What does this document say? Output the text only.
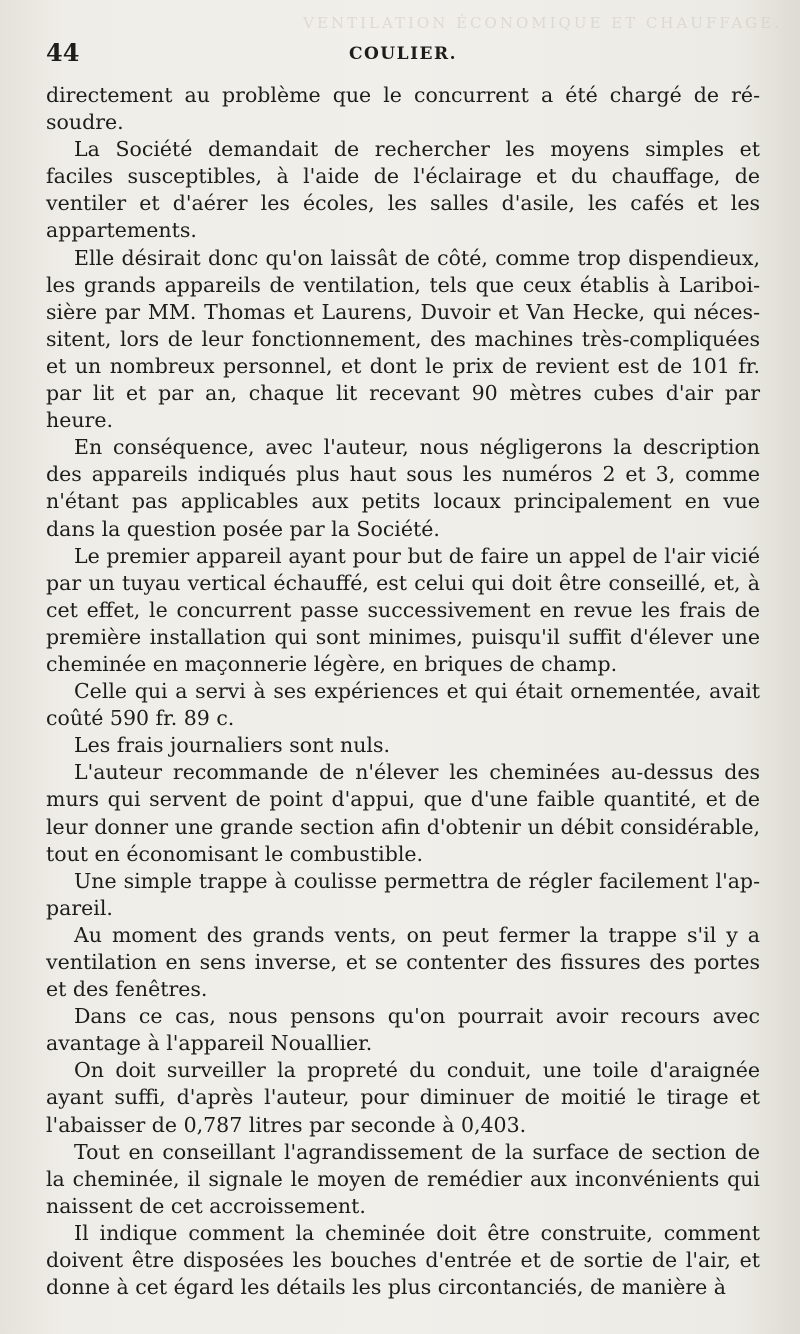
VENTILATION ÉCONOMIQUE ET CHAUFFAGE.
44	COULIER.

directement au problème que le concurrent a été chargé de résoudre.

La Société demandait de rechercher les moyens simples et faciles susceptibles, à l'aide de l'éclairage et du chauffage, de ventiler et d'aérer les écoles, les salles d'asile, les cafés et les appartements.

Elle désirait donc qu'on laissât de côté, comme trop dispendieux, les grands appareils de ventilation, tels que ceux établis à Lariboisière par MM. Thomas et Laurens, Duvoir et Van Hecke, qui nécessitent, lors de leur fonctionnement, des machines très-compliquées et un nombreux personnel, et dont le prix de revient est de 101 fr. par lit et par an, chaque lit recevant 90 mètres cubes d'air par heure.

En conséquence, avec l'auteur, nous négligerons la description des appareils indiqués plus haut sous les numéros 2 et 3, comme n'étant pas applicables aux petits locaux principalement en vue dans la question posée par la Société.

Le premier appareil ayant pour but de faire un appel de l'air vicié par un tuyau vertical échauffé, est celui qui doit être conseillé, et, à cet effet, le concurrent passe successivement en revue les frais de première installation qui sont minimes, puisqu'il suffit d'élever une cheminée en maçonnerie légère, en briques de champ.

Celle qui a servi à ses expériences et qui était ornementée, avait coûté 590 fr. 89 c.

Les frais journaliers sont nuls.

L'auteur recommande de n'élever les cheminées au-dessus des murs qui servent de point d'appui, que d'une faible quantité, et de leur donner une grande section afin d'obtenir un débit considérable, tout en économisant le combustible.

Une simple trappe à coulisse permettra de régler facilement l'appareil.

Au moment des grands vents, on peut fermer la trappe s'il y a ventilation en sens inverse, et se contenter des fissures des portes et des fenêtres.

Dans ce cas, nous pensons qu'on pourrait avoir recours avec avantage à l'appareil Nouallier.

On doit surveiller la propreté du conduit, une toile d'araignée ayant suffi, d'après l'auteur, pour diminuer de moitié le tirage et l'abaisser de 0,787 litres par seconde à 0,403.

Tout en conseillant l'agrandissement de la surface de section de la cheminée, il signale le moyen de remédier aux inconvénients qui naissent de cet accroissement.

Il indique comment la cheminée doit être construite, comment doivent être disposées les bouches d'entrée et de sortie de l'air, et donne à cet égard les détails les plus circontanciés, de manière à
